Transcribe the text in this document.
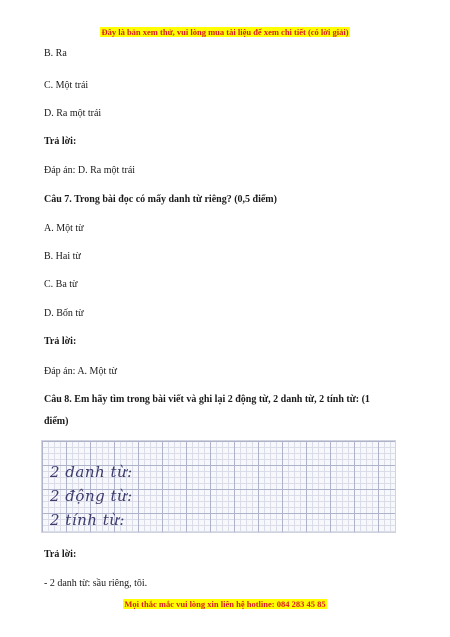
Đây là bản xem thử, vui lòng mua tài liệu để xem chi tiết (có lời giải)
B. Ra
C. Một trái
D. Ra một trái
Trả lời:
Đáp án: D. Ra một trái
Câu 7. Trong bài đọc có mấy danh từ riêng? (0,5 điểm)
A. Một từ
B. Hai từ
C. Ba từ
D. Bốn từ
Trả lời:
Đáp án: A. Một từ
Câu 8. Em hãy tìm trong bài viết và ghi lại 2 động từ, 2 danh từ, 2 tính từ: (1 điểm)
2 danh từ:
2 động từ:
2 tính từ:
Trả lời:
- 2 danh từ: sầu riêng, tôi.
Mọi thắc mắc vui lòng xin liên hệ hotline: 084 283 45 85
